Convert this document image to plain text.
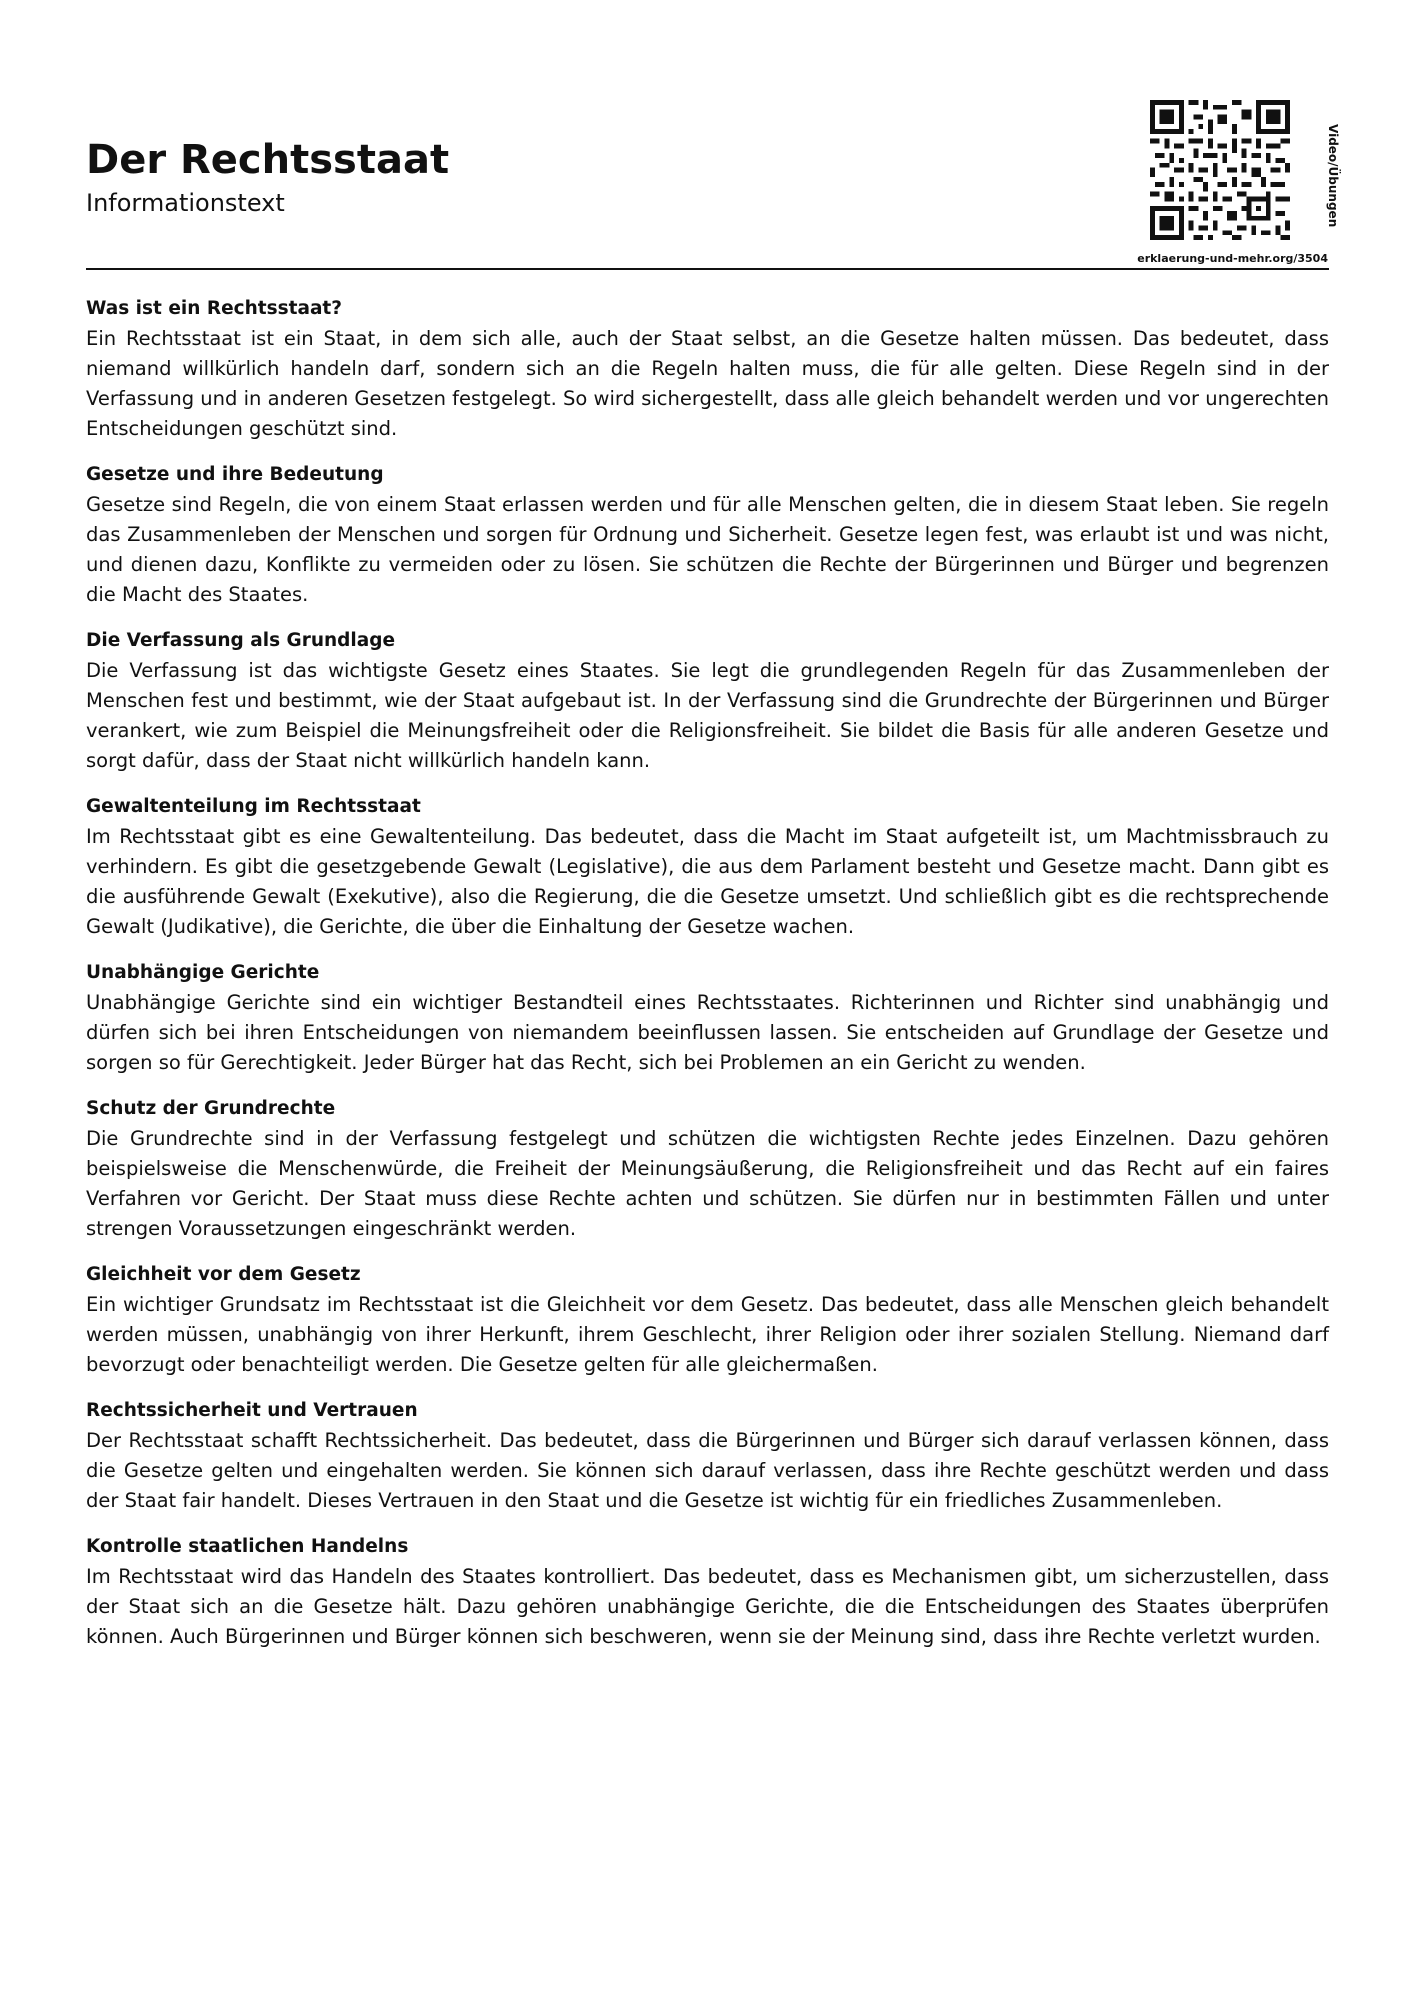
Der Rechtsstaat
Informationstext	Video/Übungen
erklaerung-und-mehr.org/3504
Was ist ein Rechtsstaat?

Ein Rechtsstaat ist ein Staat, in dem sich alle, auch der Staat selbst, an die Gesetze halten müssen. Das bedeutet, dass niemand willkürlich handeln darf, sondern sich an die Regeln halten muss, die für alle gelten. Diese Regeln sind in der Verfassung und in anderen Gesetzen festgelegt. So wird sichergestellt, dass alle gleich behandelt werden und vor ungerechten Entscheidungen geschützt sind.

Gesetze und ihre Bedeutung

Gesetze sind Regeln, die von einem Staat erlassen werden und für alle Menschen gelten, die in diesem Staat leben. Sie regeln das Zusammenleben der Menschen und sorgen für Ordnung und Sicherheit. Gesetze legen fest, was erlaubt ist und was nicht, und dienen dazu, Konflikte zu vermeiden oder zu lösen. Sie schützen die Rechte der Bürgerinnen und Bürger und begrenzen die Macht des Staates.

Die Verfassung als Grundlage

Die Verfassung ist das wichtigste Gesetz eines Staates. Sie legt die grundlegenden Regeln für das Zusammenleben der Menschen fest und bestimmt, wie der Staat aufgebaut ist. In der Verfassung sind die Grundrechte der Bürgerinnen und Bürger verankert, wie zum Beispiel die Meinungsfreiheit oder die Religionsfreiheit. Sie bildet die Basis für alle anderen Gesetze und sorgt dafür, dass der Staat nicht willkürlich handeln kann.

Gewaltenteilung im Rechtsstaat

Im Rechtsstaat gibt es eine Gewaltenteilung. Das bedeutet, dass die Macht im Staat aufgeteilt ist, um Machtmissbrauch zu verhindern. Es gibt die gesetzgebende Gewalt (Legislative), die aus dem Parlament besteht und Gesetze macht. Dann gibt es die ausführende Gewalt (Exekutive), also die Regierung, die die Gesetze umsetzt. Und schließlich gibt es die rechtsprechende Gewalt (Judikative), die Gerichte, die über die Einhaltung der Gesetze wachen.

Unabhängige Gerichte

Unabhängige Gerichte sind ein wichtiger Bestandteil eines Rechtsstaates. Richterinnen und Richter sind unabhängig und dürfen sich bei ihren Entscheidungen von niemandem beeinflussen lassen. Sie entscheiden auf Grundlage der Gesetze und sorgen so für Gerechtigkeit. Jeder Bürger hat das Recht, sich bei Problemen an ein Gericht zu wenden.

Schutz der Grundrechte

Die Grundrechte sind in der Verfassung festgelegt und schützen die wichtigsten Rechte jedes Einzelnen. Dazu gehören beispielsweise die Menschenwürde, die Freiheit der Meinungsäußerung, die Religionsfreiheit und das Recht auf ein faires Verfahren vor Gericht. Der Staat muss diese Rechte achten und schützen. Sie dürfen nur in bestimmten Fällen und unter strengen Voraussetzungen eingeschränkt werden.

Gleichheit vor dem Gesetz

Ein wichtiger Grundsatz im Rechtsstaat ist die Gleichheit vor dem Gesetz. Das bedeutet, dass alle Menschen gleich behandelt werden müssen, unabhängig von ihrer Herkunft, ihrem Geschlecht, ihrer Religion oder ihrer sozialen Stellung. Niemand darf bevorzugt oder benachteiligt werden. Die Gesetze gelten für alle gleichermaßen.

Rechtssicherheit und Vertrauen

Der Rechtsstaat schafft Rechtssicherheit. Das bedeutet, dass die Bürgerinnen und Bürger sich darauf verlassen können, dass die Gesetze gelten und eingehalten werden. Sie können sich darauf verlassen, dass ihre Rechte geschützt werden und dass der Staat fair handelt. Dieses Vertrauen in den Staat und die Gesetze ist wichtig für ein friedliches Zusammenleben.

Kontrolle staatlichen Handelns

Im Rechtsstaat wird das Handeln des Staates kontrolliert. Das bedeutet, dass es Mechanismen gibt, um sicherzustellen, dass der Staat sich an die Gesetze hält. Dazu gehören unabhängige Gerichte, die die Entscheidungen des Staates überprüfen können. Auch Bürgerinnen und Bürger können sich beschweren, wenn sie der Meinung sind, dass ihre Rechte verletzt wurden.
